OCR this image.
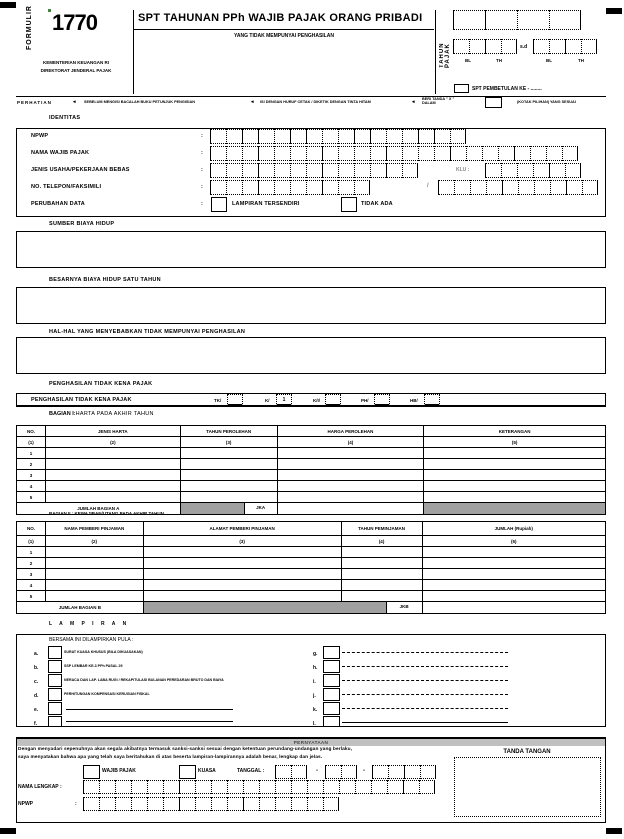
FORMULIR 1770
KEMENTERIAN KEUANGAN RI
DIREKTORAT JENDERAL PAJAK
SPT TAHUNAN PPh WAJIB PAJAK ORANG PRIBADI
YANG TIDAK MEMPUNYAI PENGHASILAN
TAHUN PAJAK	s.d
BL	TH	BL	TH
SPT PEMBETULAN KE - ........
PERHATIAN	◂ SEBELUM MENGISI BACALAH BUKU PETUNJUK PENGISIAN	◂ ISI DENGAN HURUF CETAK / DIKETIK DENGAN TINTA HITAM	◂ BERI TANDA " X " DALAM	(KOTAK PILIHAN) YANG SESUAI
IDENTITAS
NPWP	:
NAMA WAJIB PAJAK	:
JENIS USAHA/PEKERJAAN BEBAS	:	KLU :
NO. TELEPON/FAKSIMILI	:	/
PERUBAHAN DATA	:	LAMPIRAN TERSENDIRI	TIDAK ADA
SUMBER BIAYA HIDUP
BESARNYA BIAYA HIDUP SATU TAHUN
HAL-HAL YANG MENYEBABKAN TIDAK MEMPUNYAI PENGHASILAN
PENGHASILAN TIDAK KENA PAJAK
PENGHASILAN TIDAK KENA PAJAK	TK/	K/	1	K/I/	PH/	HB/
BAGIAN I:HARTA PADA AKHIR TAHUN
NO.	JENIS HARTA	TAHUN PEROLEHAN	HARGA PEROLEHAN	KETERANGAN
(1)	(2)	(3)	(4)	(5)
1				
2				
3				
4				
5				
JUMLAH BAGIAN A		JKA		

BAGIAN II : KEWAJIBAN/UTANG PADA AKHIR TAHUN
NO.	NAMA PEMBERI PINJAMAN	ALAMAT PEMBERI PINJAMAN	TAHUN PEMINJAMAN	JUMLAH (Rupiah)
(1)	(2)	(3)	(4)	(5)
1				
2				
3				
4				
5				
JUMLAH BAGIAN B		JKB		

L A M P I R A N
BERSAMA INI DILAMPIRKAN PULA :
a.	SURAT KUASA KHUSUS (BILA DIKUASAKAN)
b.	SSP LEMBAR KE-3 PPh PASAL 29
c.	NERACA DAN LAP. LABA RUGI / REKAPITULASI BULANAN PEREDARAN BRUTO DAN BIAYA
d.	PERHITUNGAN KOMPENSASI KERUGIAN FISKAL
e.
f.
g.
h.
i.
j.
k.
l.
PERNYATAAN
Dengan menyadari sepenuhnya akan segala akibatnya termasuk sanksi-sanksi sesuai dengan ketentuan perundang-undangan yang berlaku,
saya menyatakan bahwa apa yang telah saya beritahukan di atas beserta lampiran-lampirannya adalah benar, lengkap dan jelas.
WAJIB PAJAK	KUASA	TANGGAL :	-	-
NAMA LENGKAP :
NPWP	:
TANDA TANGAN
